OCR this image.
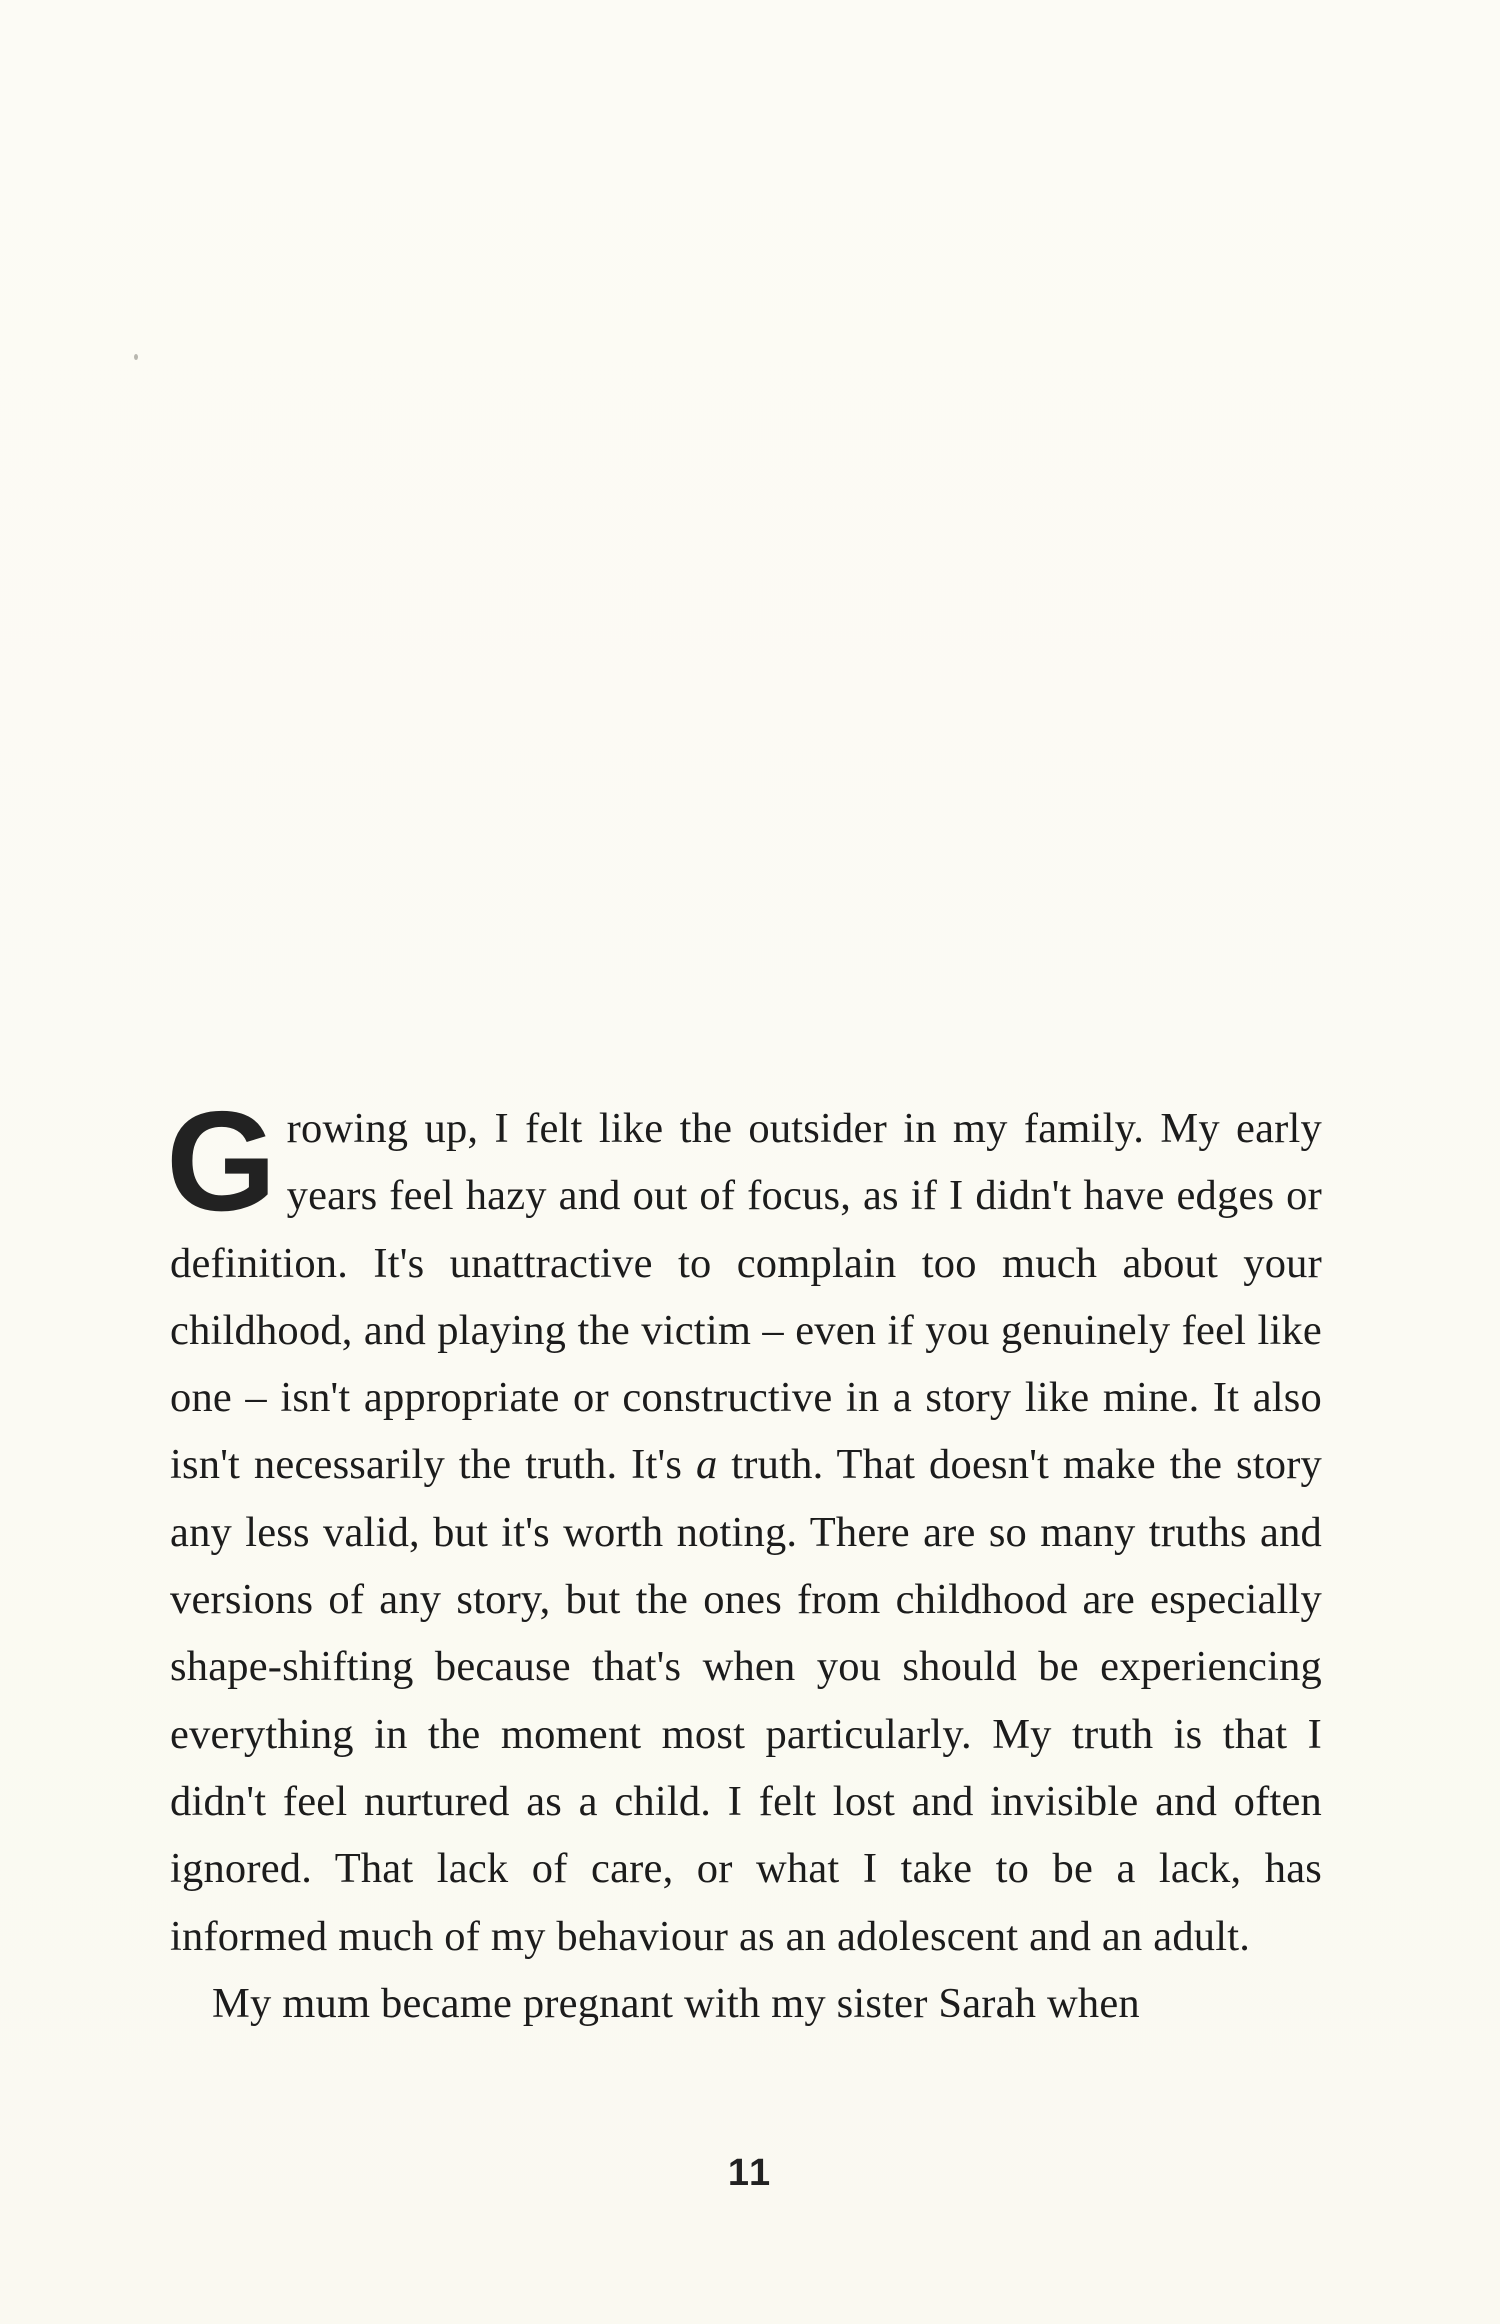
Growing up, I felt like the outsider in my family. My early years feel hazy and out of focus, as if I didn't have edges or definition. It's unattractive to complain too much about your childhood, and playing the victim – even if you genuinely feel like one – isn't appropriate or constructive in a story like mine. It also isn't necessarily the truth. It's a truth. That doesn't make the story any less valid, but it's worth noting. There are so many truths and versions of any story, but the ones from childhood are especially shape-shifting because that's when you should be experiencing everything in the moment most particularly. My truth is that I didn't feel nurtured as a child. I felt lost and invisible and often ignored. That lack of care, or what I take to be a lack, has informed much of my behaviour as an adolescent and an adult.

My mum became pregnant with my sister Sarah when

11
